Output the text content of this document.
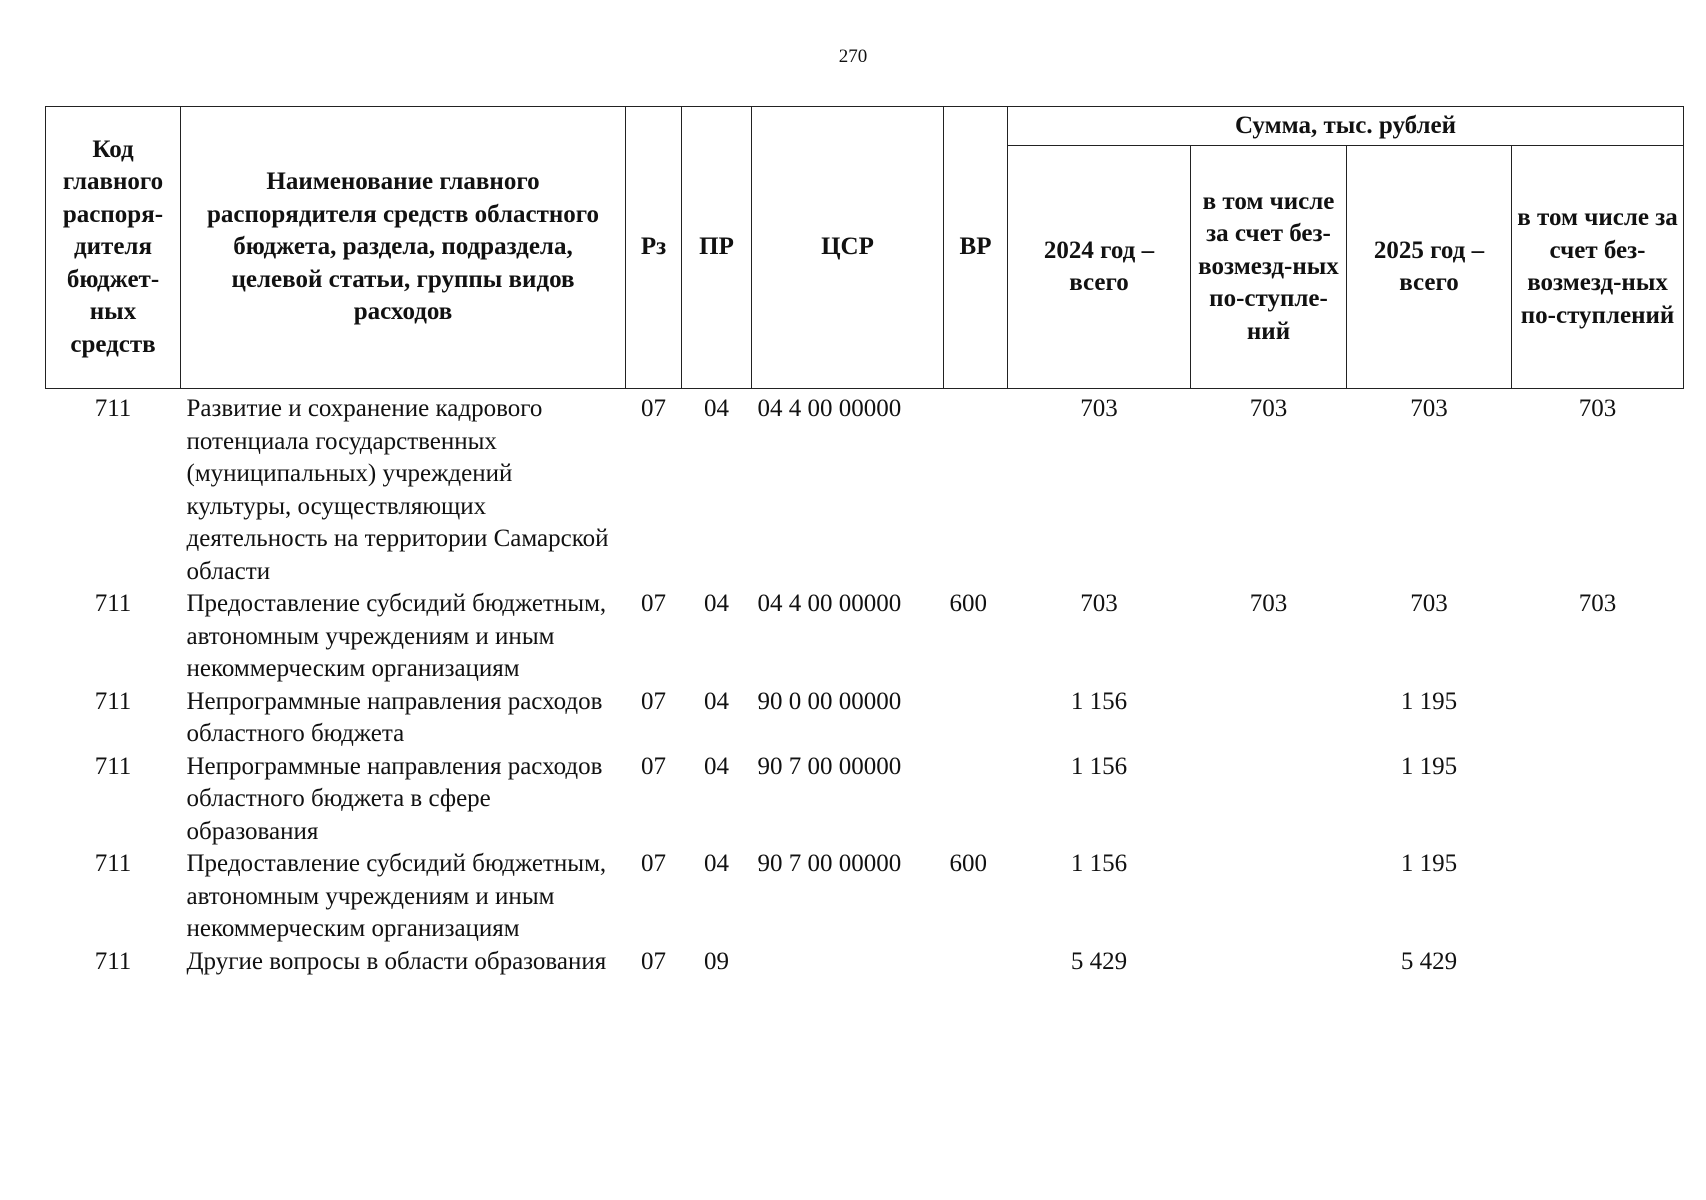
270
Код главного распоря-дителя бюджет-ных средств	Наименование главного распорядителя средств областного бюджета, раздела, подраздела, целевой статьи, группы видов расходов	Рз	ПР	ЦСР	ВР	Сумма, тыс. рублей			
						2024 год – всего	в том числе за счет без-возмезд-ных по-ступле-ний	2025 год – всего	в том числе за счет без-возмезд-ных по-ступлений
711	Развитие и сохранение кадрового потенциала государственных (муниципальных) учреждений культуры, осуществляющих деятельность на территории Самарской области	07	04	04 4 00 00000		703	703	703	703
711	Предоставление субсидий бюджетным, автономным учреждениям и иным некоммерческим организациям	07	04	04 4 00 00000	600	703	703	703	703
711	Непрограммные направления расходов областного бюджета	07	04	90 0 00 00000		1 156		1 195	
711	Непрограммные направления расходов областного бюджета в сфере образования	07	04	90 7 00 00000		1 156		1 195	
711	Предоставление субсидий бюджетным, автономным учреждениям и иным некоммерческим организациям	07	04	90 7 00 00000	600	1 156		1 195	
711	Другие вопросы в области образования	07	09			5 429		5 429	
